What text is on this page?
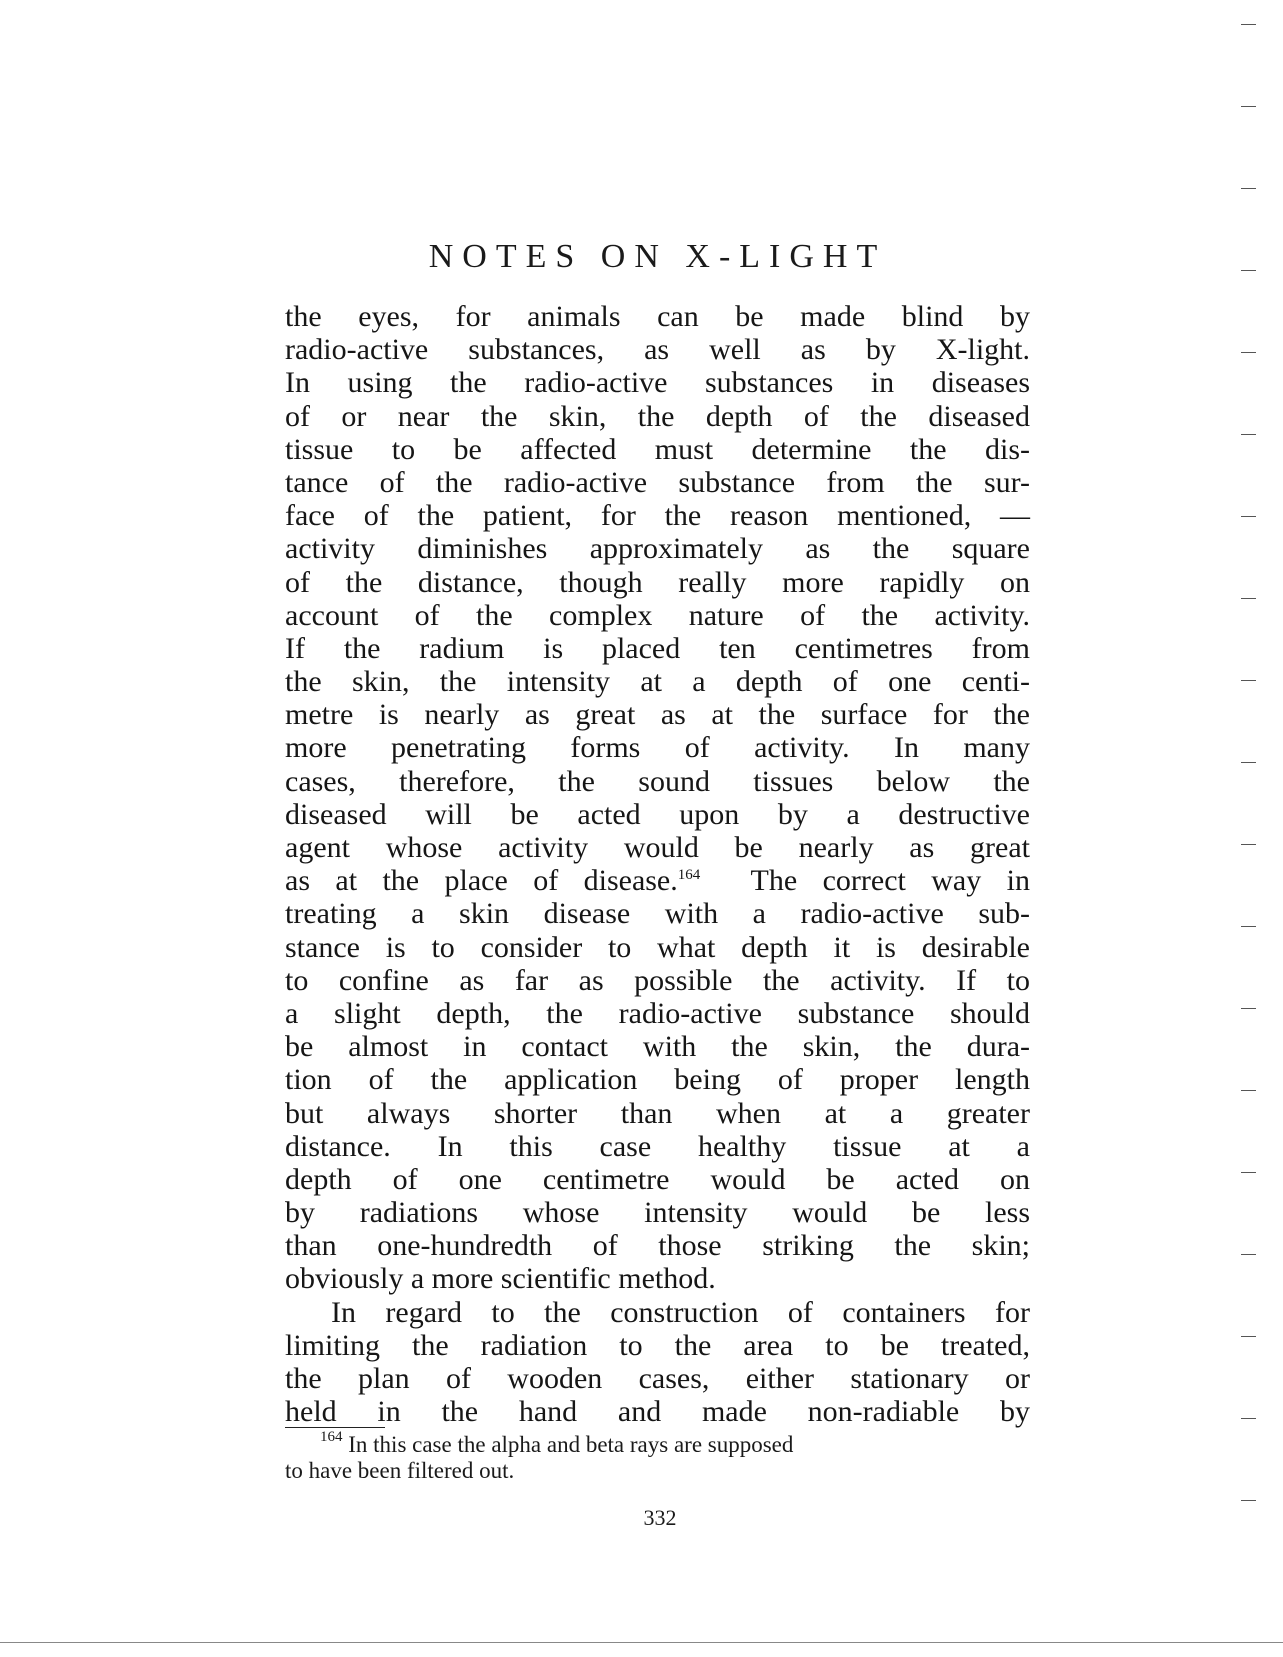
NOTES ON X-LIGHT
the eyes, for animals can be made blind by
radio-active substances, as well as by X-light.
In using the radio-active substances in diseases
of or near the skin, the depth of the diseased
tissue to be affected must determine the dis-
tance of the radio-active substance from the sur-
face of the patient, for the reason mentioned, —
activity diminishes approximately as the square
of the distance, though really more rapidly on
account of the complex nature of the activity.
If the radium is placed ten centimetres from
the skin, the intensity at a depth of one centi-
metre is nearly as great as at the surface for the
more penetrating forms of activity. In many
cases, therefore, the sound tissues below the
diseased will be acted upon by a destructive
agent whose activity would be nearly as great
as at the place of disease.$^{164}$ The correct way in
treating a skin disease with a radio-active sub-
stance is to consider to what depth it is desirable
to confine as far as possible the activity. If to
a slight depth, the radio-active substance should
be almost in contact with the skin, the dura-
tion of the application being of proper length
but always shorter than when at a greater
distance. In this case healthy tissue at a
depth of one centimetre would be acted on
by radiations whose intensity would be less
than one-hundredth of those striking the skin;
obviously a more scientific method.
In regard to the construction of containers for
limiting the radiation to the area to be treated,
the plan of wooden cases, either stationary or
held in the hand and made non-radiable by
$^{164}$ In this case the alpha and beta rays are supposed
to have been filtered out.
332
